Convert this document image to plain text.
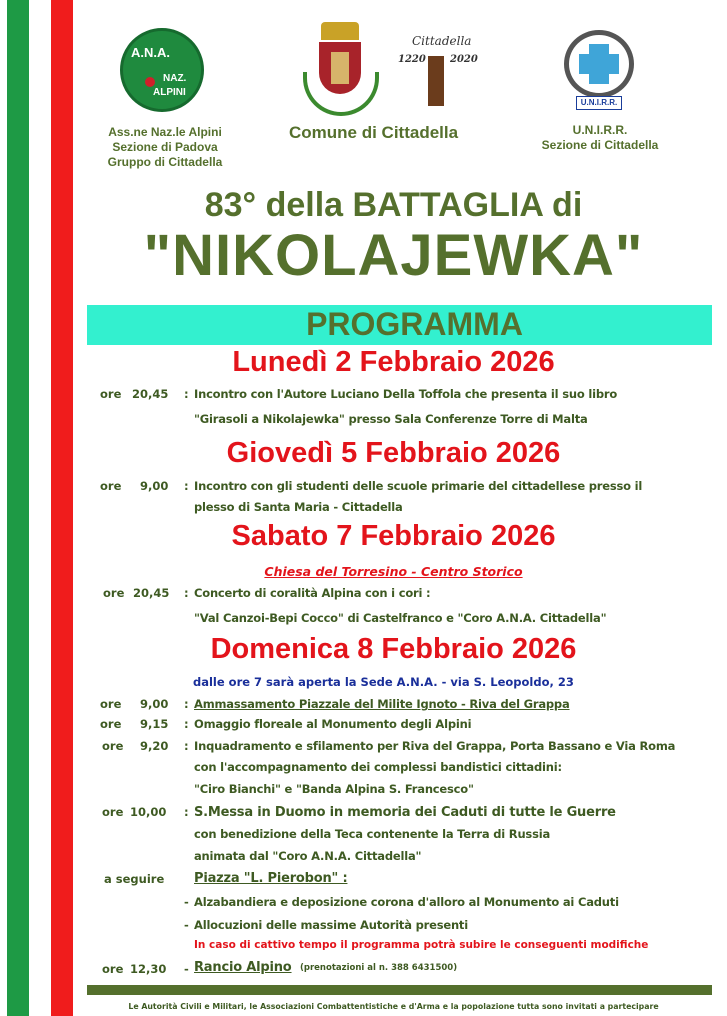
A.N.A.
NAZ.
ALPINI
Ass.ne Naz.le Alpini
Sezione di Padova
Gruppo di Cittadella
Cittadella
1220 2020
Comune di Cittadella
U.N.I.R.R.
U.N.I.R.R.
Sezione di Cittadella
83° della BATTAGLIA di
"NIKOLAJEWKA"
PROGRAMMA
Lunedì 2 Febbraio 2026
ore 20,45 : Incontro con l'Autore Luciano Della Toffola che presenta il suo libro
"Girasoli a Nikolajewka" presso Sala Conferenze Torre di Malta
Giovedì 5 Febbraio 2026
ore 9,00 : Incontro con gli studenti delle scuole primarie del cittadellese presso il
plesso di Santa Maria - Cittadella
Sabato 7 Febbraio 2026
Chiesa del Torresino - Centro Storico
ore 20,45 : Concerto di coralità Alpina con i cori :
"Val Canzoi-Bepi Cocco" di Castelfranco e "Coro A.N.A. Cittadella"
Domenica 8 Febbraio 2026
dalle ore 7 sarà aperta la Sede A.N.A. - via S. Leopoldo, 23
ore 9,00 : Ammassamento Piazzale del Milite Ignoto - Riva del Grappa
ore 9,15 : Omaggio floreale al Monumento degli Alpini
ore 9,20 : Inquadramento e sfilamento per Riva del Grappa, Porta Bassano e Via Roma
con l'accompagnamento dei complessi bandistici cittadini:
"Ciro Bianchi" e "Banda Alpina S. Francesco"
ore 10,00 : S.Messa in Duomo in memoria dei Caduti di tutte le Guerre
con benedizione della Teca contenente la Terra di Russia
animata dal "Coro A.N.A. Cittadella"
a seguire Piazza "L. Pierobon" :
- Alzabandiera e deposizione corona d'alloro al Monumento ai Caduti
- Allocuzioni delle massime Autorità presenti
In caso di cattivo tempo il programma potrà subire le conseguenti modifiche
ore 12,30 - Rancio Alpino (prenotazioni al n. 388 6431500)
Le Autorità Civili e Militari, le Associazioni Combattentistiche e d'Arma e la popolazione tutta sono invitati a partecipare
